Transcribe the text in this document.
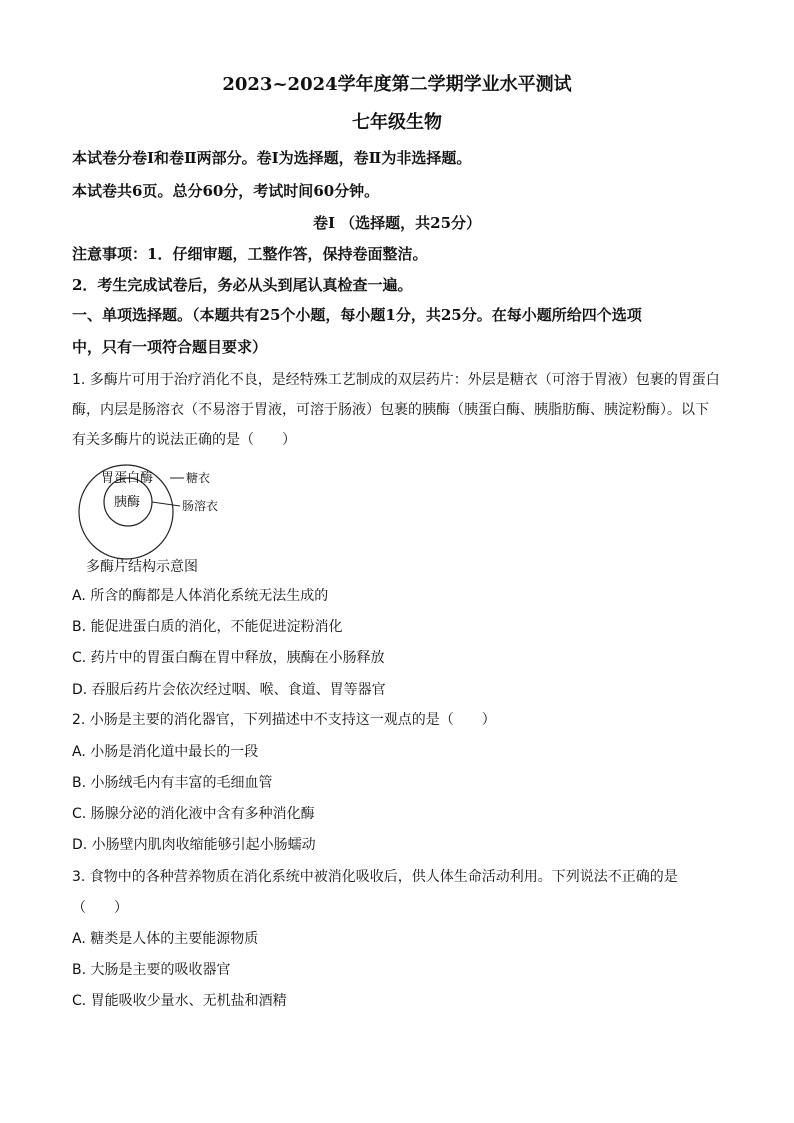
2023~2024学年度第二学期学业水平测试
七年级生物
本试卷分卷Ⅰ和卷Ⅱ两部分。卷Ⅰ为选择题，卷Ⅱ为非选择题。
本试卷共6页。总分60分，考试时间60分钟。
卷Ⅰ （选择题，共25分）
注意事项：1．仔细审题，工整作答，保持卷面整洁。
2．考生完成试卷后，务必从头到尾认真检查一遍。
一、单项选择题。（本题共有25个小题，每小题1分，共25分。在每小题所给四个选项
中，只有一项符合题目要求）
1. 多酶片可用于治疗消化不良，是经特殊工艺制成的双层药片：外层是糖衣（可溶于胃液）包裹的胃蛋白
酶，内层是肠溶衣（不易溶于胃液，可溶于肠液）包裹的胰酶（胰蛋白酶、胰脂肪酶、胰淀粉酶）。以下
有关多酶片的说法正确的是（　　）
胃蛋白酶
胰酶
糖衣
肠溶衣
多酶片结构示意图
A. 所含的酶都是人体消化系统无法生成的
B. 能促进蛋白质的消化，不能促进淀粉消化
C. 药片中的胃蛋白酶在胃中释放，胰酶在小肠释放
D. 吞服后药片会依次经过咽、喉、食道、胃等器官
2. 小肠是主要的消化器官，下列描述中不支持这一观点的是（　　）
A. 小肠是消化道中最长的一段
B. 小肠绒毛内有丰富的毛细血管
C. 肠腺分泌的消化液中含有多种消化酶
D. 小肠壁内肌肉收缩能够引起小肠蠕动
3. 食物中的各种营养物质在消化系统中被消化吸收后，供人体生命活动利用。下列说法不正确的是
（　　）
A. 糖类是人体的主要能源物质
B. 大肠是主要的吸收器官
C. 胃能吸收少量水、无机盐和酒精
